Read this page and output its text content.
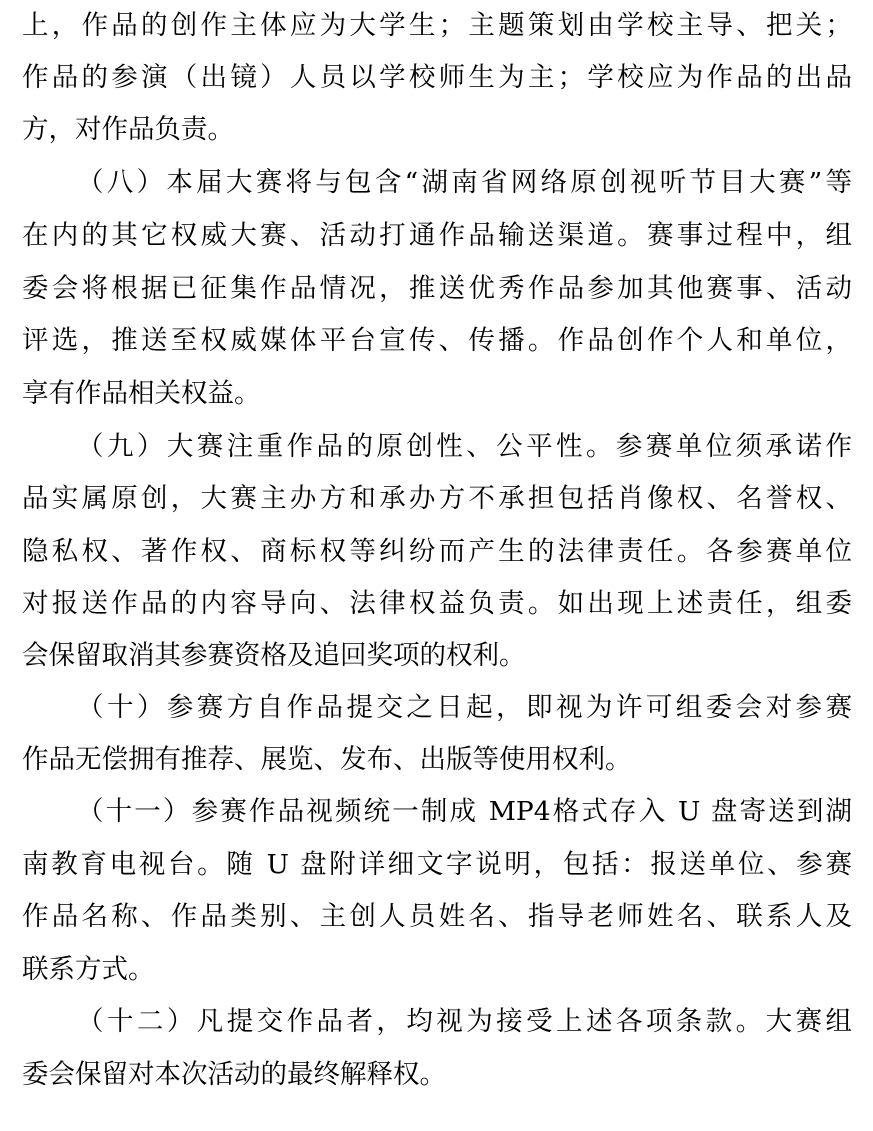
上，作品的创作主体应为大学生；主题策划由学校主导、把关；
作品的参演（出镜）人员以学校师生为主；学校应为作品的出品
方，对作品负责。
（八）本届大赛将与包含“湖南省网络原创视听节目大赛”等
在内的其它权威大赛、活动打通作品输送渠道。赛事过程中，组
委会将根据已征集作品情况，推送优秀作品参加其他赛事、活动
评选，推送至权威媒体平台宣传、传播。作品创作个人和单位，
享有作品相关权益。
（九）大赛注重作品的原创性、公平性。参赛单位须承诺作
品实属原创，大赛主办方和承办方不承担包括肖像权、名誉权、
隐私权、著作权、商标权等纠纷而产生的法律责任。各参赛单位
对报送作品的内容导向、法律权益负责。如出现上述责任，组委
会保留取消其参赛资格及追回奖项的权利。
（十）参赛方自作品提交之日起，即视为许可组委会对参赛
作品无偿拥有推荐、展览、发布、出版等使用权利。
（十一）参赛作品视频统一制成 MP4格式存入 U 盘寄送到湖
南教育电视台。随 U 盘附详细文字说明，包括：报送单位、参赛
作品名称、作品类别、主创人员姓名、指导老师姓名、联系人及
联系方式。
（十二）凡提交作品者，均视为接受上述各项条款。大赛组
委会保留对本次活动的最终解释权。
